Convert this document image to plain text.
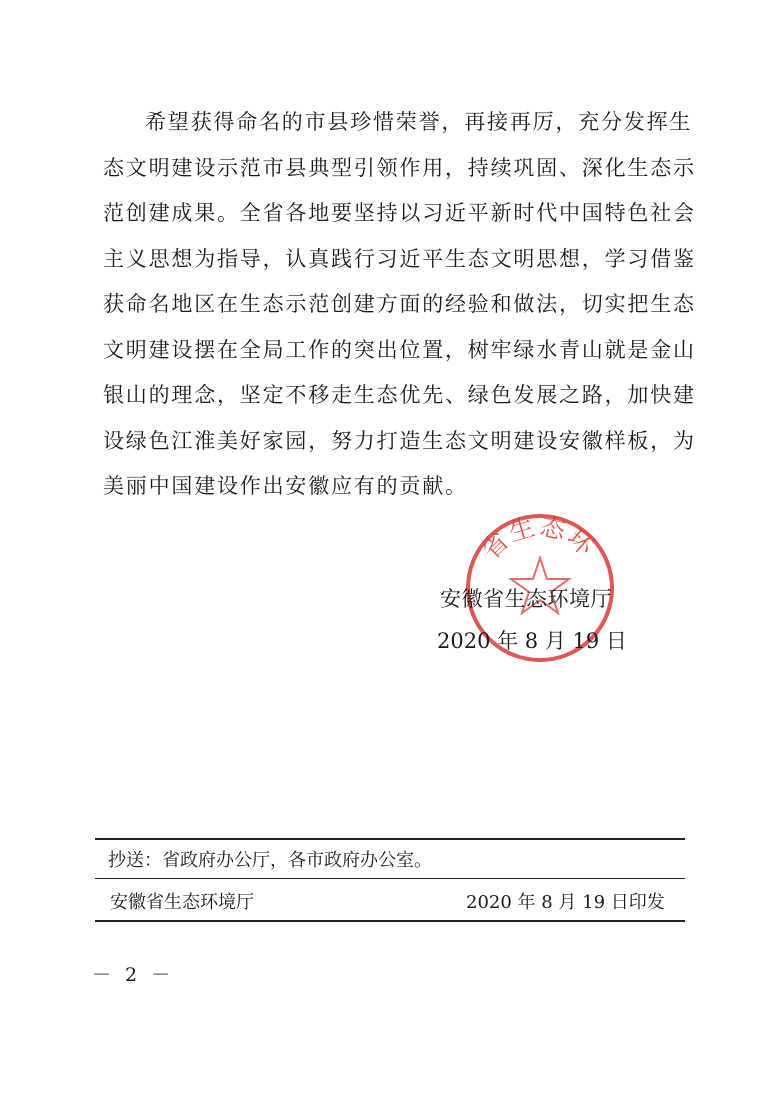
希望获得命名的市县珍惜荣誉，再接再厉，充分发挥生
态文明建设示范市县典型引领作用，持续巩固、深化生态示
范创建成果。全省各地要坚持以习近平新时代中国特色社会
主义思想为指导，认真践行习近平生态文明思想，学习借鉴
获命名地区在生态示范创建方面的经验和做法，切实把生态
文明建设摆在全局工作的突出位置，树牢绿水青山就是金山
银山的理念，坚定不移走生态优先、绿色发展之路，加快建
设绿色江淮美好家园，努力打造生态文明建设安徽样板，为
美丽中国建设作出安徽应有的贡献。
省生态环
安徽省生态环境厅
2020 年 8 月 19 日
抄送：省政府办公厅，各市政府办公室。
安徽省生态环境厅	2020 年 8 月 19 日印发
－ 2 －
